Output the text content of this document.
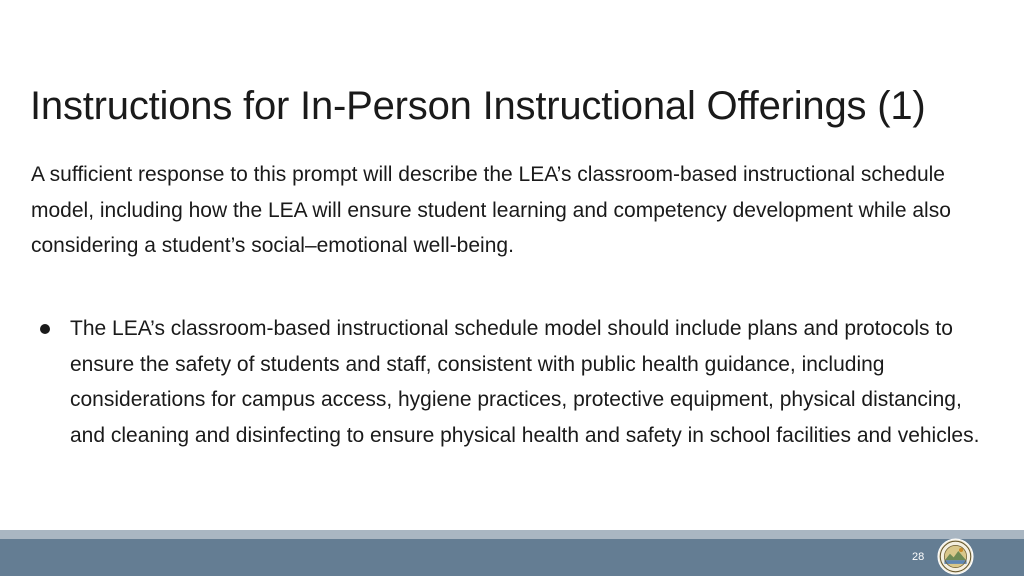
Instructions for In-Person Instructional Offerings (1)

A sufficient response to this prompt will describe the LEA’s classroom-based instructional schedule model, including how the LEA will ensure student learning and competency development while also considering a student’s social–emotional well-being.

The LEA’s classroom-based instructional schedule model should include plans and protocols to ensure the safety of students and staff, consistent with public health guidance, including considerations for campus access, hygiene practices, protective equipment, physical distancing, and cleaning and disinfecting to ensure physical health and safety in school facilities and vehicles.
28
